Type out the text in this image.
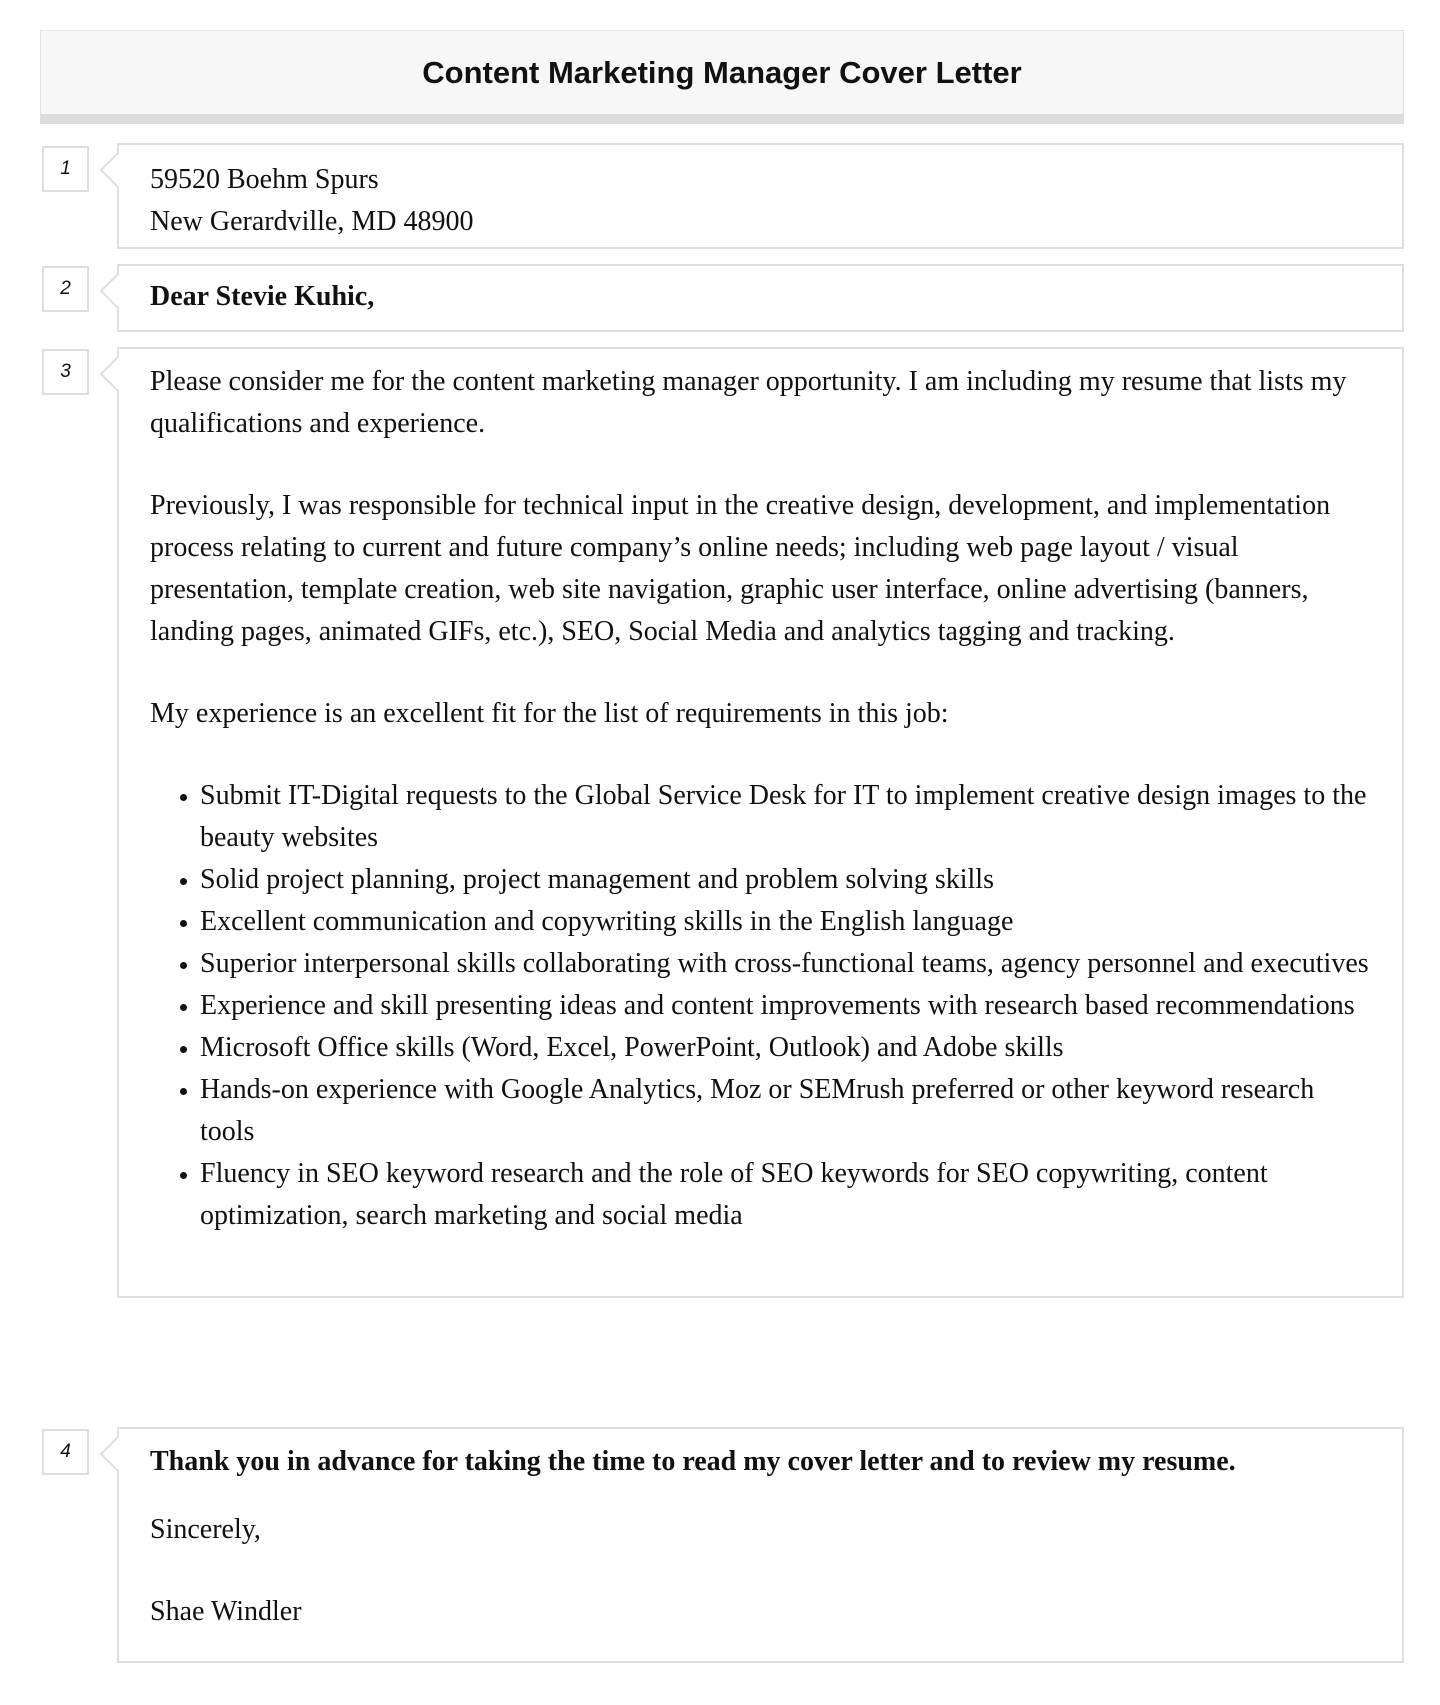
Content Marketing Manager Cover Letter
1	59520 Boehm Spurs

New Gerardville, MD 48900

2	Dear Stevie Kuhic,

3	Please consider me for the content marketing manager opportunity. I am including my resume that lists my qualifications and experience.

Previously, I was responsible for technical input in the creative design, development, and implementation process relating to current and future company’s online needs; including web page layout / visual presentation, template creation, web site navigation, graphic user interface, online advertising (banners, landing pages, animated GIFs, etc.), SEO, Social Media and analytics tagging and tracking.

My experience is an excellent fit for the list of requirements in this job:

• Submit IT-Digital requests to the Global Service Desk for IT to implement creative design images to the beauty websites
• Solid project planning, project management and problem solving skills
• Excellent communication and copywriting skills in the English language
• Superior interpersonal skills collaborating with cross-functional teams, agency personnel and executives
• Experience and skill presenting ideas and content improvements with research based recommendations
• Microsoft Office skills (Word, Excel, PowerPoint, Outlook) and Adobe skills
• Hands-on experience with Google Analytics, Moz or SEMrush preferred or other keyword research tools
• Fluency in SEO keyword research and the role of SEO keywords for SEO copywriting, content optimization, search marketing and social media
4	Thank you in advance for taking the time to read my cover letter and to review my resume.

Sincerely,

Shae Windler
